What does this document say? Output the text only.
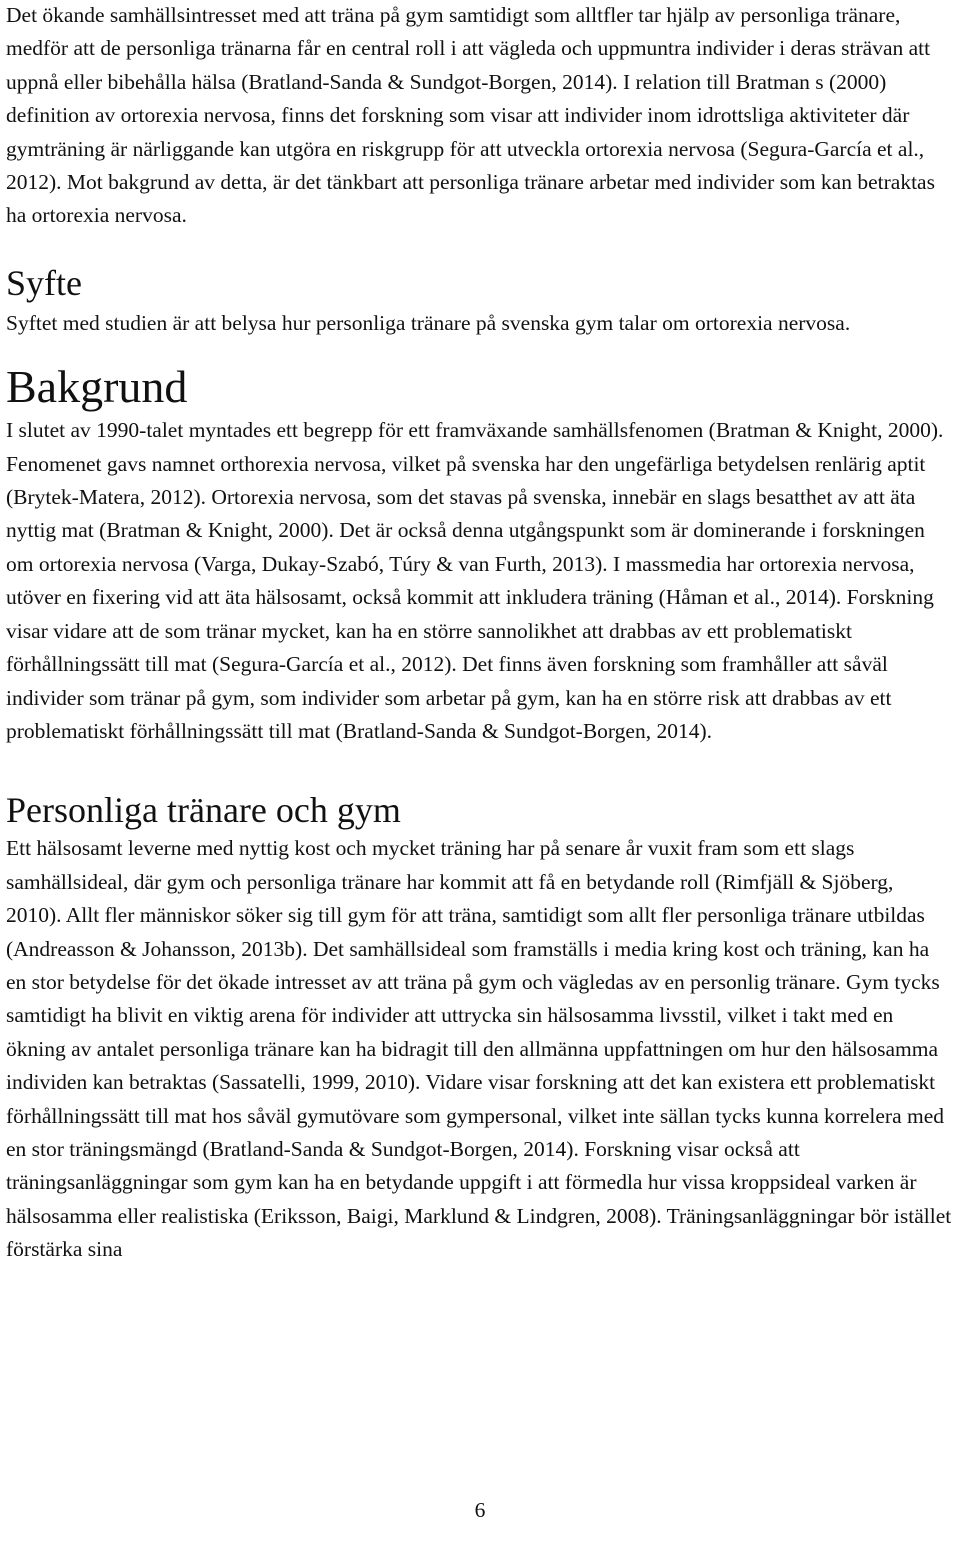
Det ökande samhällsintresset med att träna på gym samtidigt som alltfler tar hjälp av personliga tränare, medför att de personliga tränarna får en central roll i att vägleda och uppmuntra individer i deras strävan att uppnå eller bibehålla hälsa (Bratland-Sanda & Sundgot-Borgen, 2014). I relation till Bratman s (2000) definition av ortorexia nervosa, finns det forskning som visar att individer inom idrottsliga aktiviteter där gymträning är närliggande kan utgöra en riskgrupp för att utveckla ortorexia nervosa (Segura-García et al., 2012). Mot bakgrund av detta, är det tänkbart att personliga tränare arbetar med individer som kan betraktas ha ortorexia nervosa.

Syfte

Syftet med studien är att belysa hur personliga tränare på svenska gym talar om ortorexia nervosa.

Bakgrund

I slutet av 1990-talet myntades ett begrepp för ett framväxande samhällsfenomen (Bratman & Knight, 2000). Fenomenet gavs namnet orthorexia nervosa, vilket på svenska har den ungefärliga betydelsen renlärig aptit (Brytek-Matera, 2012). Ortorexia nervosa, som det stavas på svenska, innebär en slags besatthet av att äta nyttig mat (Bratman & Knight, 2000). Det är också denna utgångspunkt som är dominerande i forskningen om ortorexia nervosa (Varga, Dukay-Szabó, Túry & van Furth, 2013). I massmedia har ortorexia nervosa, utöver en fixering vid att äta hälsosamt, också kommit att inkludera träning (Håman et al., 2014). Forskning visar vidare att de som tränar mycket, kan ha en större sannolikhet att drabbas av ett problematiskt förhållningssätt till mat (Segura-García et al., 2012). Det finns även forskning som framhåller att såväl individer som tränar på gym, som individer som arbetar på gym, kan ha en större risk att drabbas av ett problematiskt förhållningssätt till mat (Bratland-Sanda & Sundgot-Borgen, 2014).

Personliga tränare och gym

Ett hälsosamt leverne med nyttig kost och mycket träning har på senare år vuxit fram som ett slags samhällsideal, där gym och personliga tränare har kommit att få en betydande roll (Rimfjäll & Sjöberg, 2010). Allt fler människor söker sig till gym för att träna, samtidigt som allt fler personliga tränare utbildas (Andreasson & Johansson, 2013b). Det samhällsideal som framställs i media kring kost och träning, kan ha en stor betydelse för det ökade intresset av att träna på gym och vägledas av en personlig tränare. Gym tycks samtidigt ha blivit en viktig arena för individer att uttrycka sin hälsosamma livsstil, vilket i takt med en ökning av antalet personliga tränare kan ha bidragit till den allmänna uppfattningen om hur den hälsosamma individen kan betraktas (Sassatelli, 1999, 2010). Vidare visar forskning att det kan existera ett problematiskt förhållningssätt till mat hos såväl gymutövare som gympersonal, vilket inte sällan tycks kunna korrelera med en stor träningsmängd (Bratland-Sanda & Sundgot-Borgen, 2014). Forskning visar också att träningsanläggningar som gym kan ha en betydande uppgift i att förmedla hur vissa kroppsideal varken är hälsosamma eller realistiska (Eriksson, Baigi, Marklund & Lindgren, 2008). Träningsanläggningar bör istället förstärka sina

6
